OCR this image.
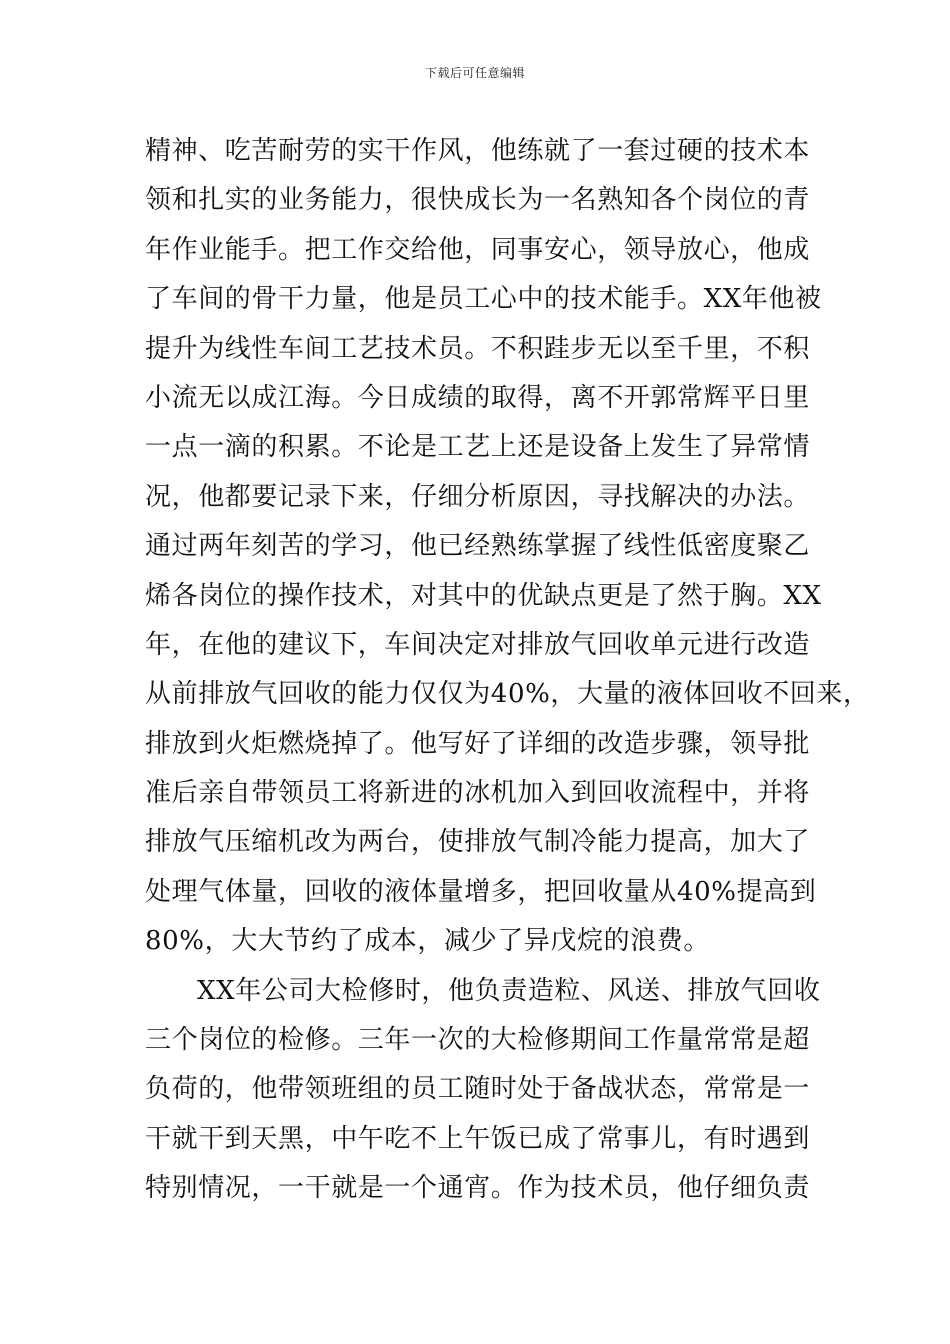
下载后可任意编辑
精神、吃苦耐劳的实干作风，他练就了一套过硬的技术本
领和扎实的业务能力，很快成长为一名熟知各个岗位的青
年作业能手。把工作交给他，同事安心，领导放心，他成
了车间的骨干力量，他是员工心中的技术能手。XX年他被
提升为线性车间工艺技术员。不积跬步无以至千里，不积
小流无以成江海。今日成绩的取得，离不开郭常辉平日里
一点一滴的积累。不论是工艺上还是设备上发生了异常情
况，他都要记录下来，仔细分析原因，寻找解决的办法。
通过两年刻苦的学习，他已经熟练掌握了线性低密度聚乙
烯各岗位的操作技术，对其中的优缺点更是了然于胸。XX
年，在他的建议下，车间决定对排放气回收单元进行改造
从前排放气回收的能力仅仅为40%，大量的液体回收不回来，
排放到火炬燃烧掉了。他写好了详细的改造步骤，领导批
准后亲自带领员工将新进的冰机加入到回收流程中，并将
排放气压缩机改为两台，使排放气制冷能力提高，加大了
处理气体量，回收的液体量增多，把回收量从40%提高到
80%，大大节约了成本，减少了异戊烷的浪费。
XX年公司大检修时，他负责造粒、风送、排放气回收
三个岗位的检修。三年一次的大检修期间工作量常常是超
负荷的，他带领班组的员工随时处于备战状态，常常是一
干就干到天黑，中午吃不上午饭已成了常事儿，有时遇到
特别情况，一干就是一个通宵。作为技术员，他仔细负责
